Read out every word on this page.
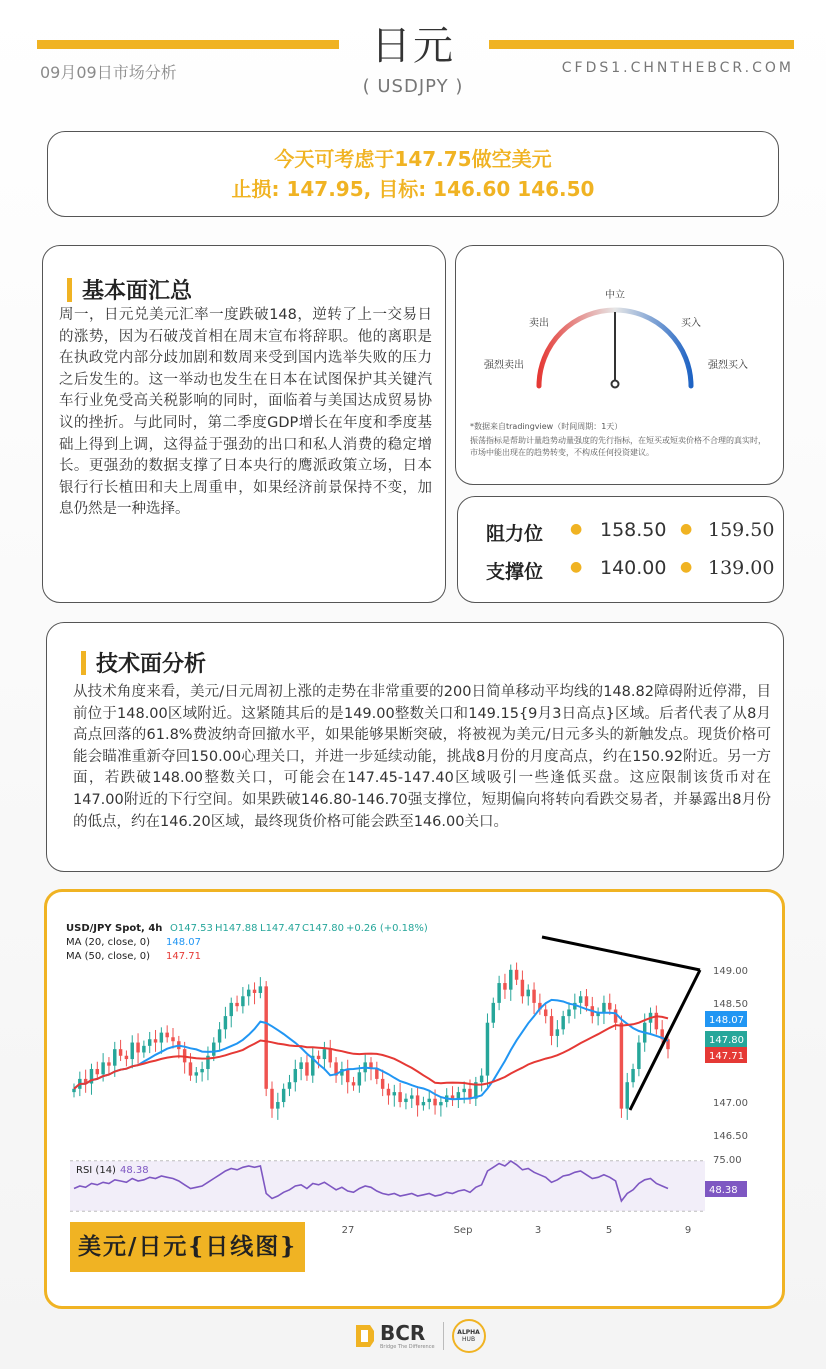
日元
( USDJPY )
09月09日市场分析	CFDS1.CHNTHEBCR.COM
今天可考虑于147.75做空美元
止损: 147.95, 目标: 146.60 146.50
基本面汇总
周一，日元兑美元汇率一度跌破148，逆转了上一交易日的涨势，因为石破茂首相在周末宣布将辞职。他的离职是在执政党内部分歧加剧和数周来受到国内选举失败的压力之后发生的。这一举动也发生在日本在试图保护其关键汽车行业免受高关税影响的同时，面临着与美国达成贸易协议的挫折。与此同时，第二季度GDP增长在年度和季度基础上得到上调，这得益于强劲的出口和私人消费的稳定增长。更强劲的数据支撑了日本央行的鹰派政策立场，日本银行行长植田和夫上周重申，如果经济前景保持不变，加息仍然是一种选择。
中立
卖出	买入
强烈卖出	强烈买入
*数据来自tradingview（时间周期：1天）
振荡指标是帮助计量趋势动量强度的先行指标，在短买或短卖价格不合理的真实时，市场中能出现在的趋势转变，不构成任何投资建议。
阻力位 ● 158.50 ● 159.50
支撑位 ● 140.00 ● 139.00
技术面分析
从技术角度来看，美元/日元周初上涨的走势在非常重要的200日简单移动平均线的148.82障碍附近停滞，目前位于148.00区域附近。这紧随其后的是149.00整数关口和149.15{9月3日高点}区域。后者代表了从8月高点回落的61.8%费波纳奇回撤水平，如果能够果断突破，将被视为美元/日元多头的新触发点。现货价格可能会瞄准重新夺回150.00心理关口，并进一步延续动能，挑战8月份的月度高点，约在150.92附近。另一方面，若跌破148.00整数关口，可能会在147.45-147.40区域吸引一些逢低买盘。这应限制该货币对在147.00附近的下行空间。如果跌破146.80-146.70强支撑位，短期偏向将转向看跌交易者，并暴露出8月份的低点，约在146.20区域，最终现货价格可能会跌至146.00关口。
USD/JPY Spot, 4h O147.53 H147.88 L147.47 C147.80 +0.26 (+0.18%)
MA (20, close, 0) 148.07
MA (50, close, 0) 147.71
149.00
148.50
147.00
146.50
27	Sep	3	5	9
RSI (14) 48.38
75.00
48.38
148.07
147.80
147.71
美元/日元{日线图}
BCR
Bridge The Difference
ALPHA
HUB
